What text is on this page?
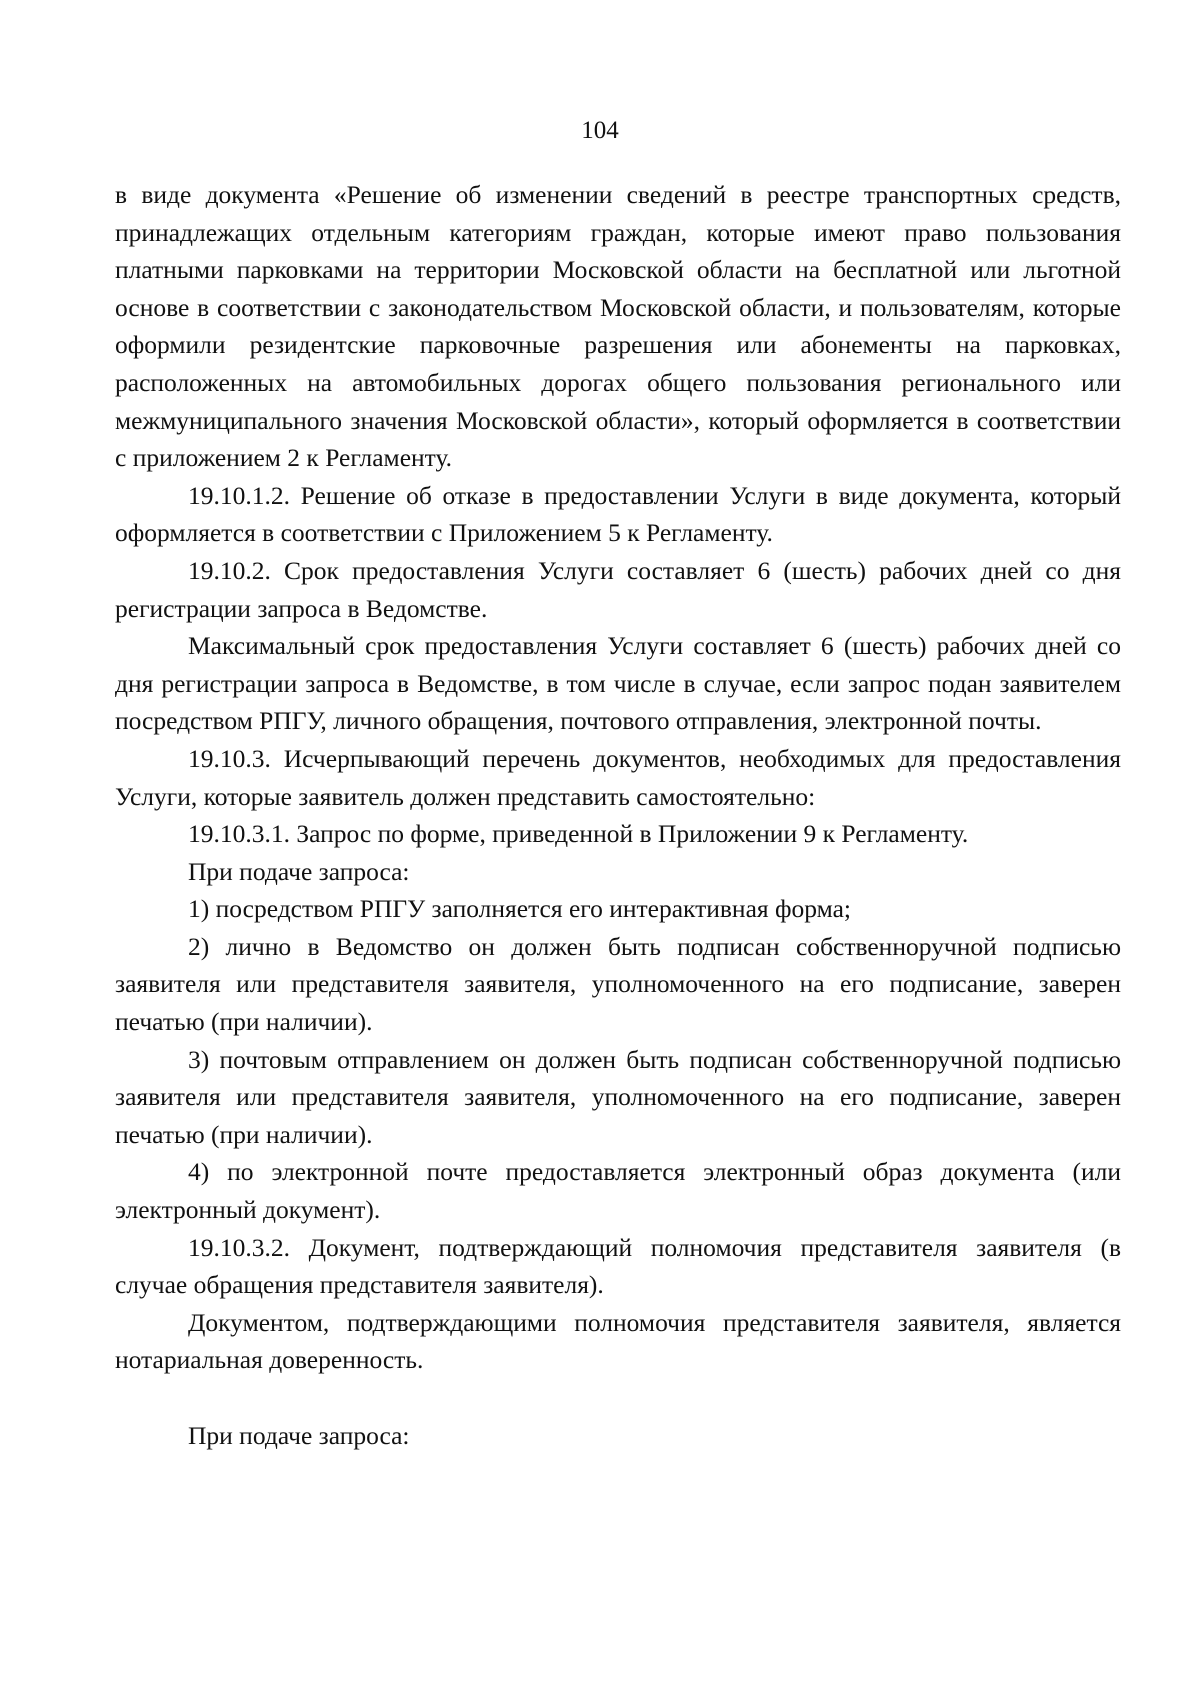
104

в виде документа «Решение об изменении сведений в реестре транспортных средств, принадлежащих отдельным категориям граждан, которые имеют право пользования платными парковками на территории Московской области на бесплатной или льготной основе в соответствии с законодательством Московской области, и пользователям, которые оформили резидентские парковочные разрешения или абонементы на парковках, расположенных на автомобильных дорогах общего пользования регионального или межмуниципального значения Московской области», который оформляется в соответствии с приложением 2 к Регламенту.

19.10.1.2. Решение об отказе в предоставлении Услуги в виде документа, который оформляется в соответствии с Приложением 5 к Регламенту.

19.10.2. Срок предоставления Услуги составляет 6 (шесть) рабочих дней со дня регистрации запроса в Ведомстве.

Максимальный срок предоставления Услуги составляет 6 (шесть) рабочих дней со дня регистрации запроса в Ведомстве, в том числе в случае, если запрос подан заявителем посредством РПГУ, личного обращения, почтового отправления, электронной почты.

19.10.3. Исчерпывающий перечень документов, необходимых для предоставления Услуги, которые заявитель должен представить самостоятельно:

19.10.3.1. Запрос по форме, приведенной в Приложении 9 к Регламенту.

При подаче запроса:

1) посредством РПГУ заполняется его интерактивная форма;

2) лично в Ведомство он должен быть подписан собственноручной подписью заявителя или представителя заявителя, уполномоченного на его подписание, заверен печатью (при наличии).

3) почтовым отправлением он должен быть подписан собственноручной подписью заявителя или представителя заявителя, уполномоченного на его подписание, заверен печатью (при наличии).

4) по электронной почте предоставляется электронный образ документа (или электронный документ).

19.10.3.2. Документ, подтверждающий полномочия представителя заявителя (в случае обращения представителя заявителя).

Документом, подтверждающими полномочия представителя заявителя, является нотариальная доверенность.

При подаче запроса:
